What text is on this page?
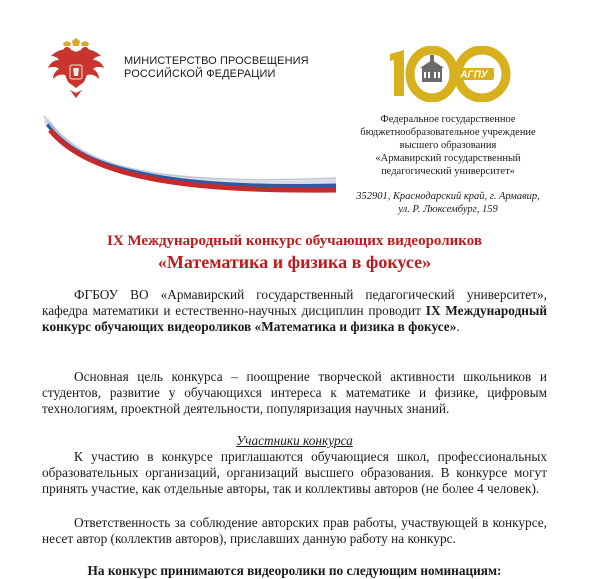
МИНИСТЕРСТВО ПРОСВЕЩЕНИЯ
РОССИЙСКОЙ ФЕДЕРАЦИИ	АГПУ
Федеральное государственное
бюджетнообразовательное учреждение
высшего образования
«Армавирский государственный
педагогический университет»
352901, Краснодарский край, г. Армавир,
ул. Р. Люксембург, 159
IX Международный конкурс обучающих видеороликов
«Математика и физика в фокусе»
ФГБОУ ВО «Армавирский государственный педагогический университет», кафедра математики и естественно-научных дисциплин проводит IX Международный конкурс обучающих видеороликов «Математика и физика в фокусе».
Основная цель конкурса – поощрение творческой активности школьников и студентов, развитие у обучающихся интереса к математике и физике, цифровым технологиям, проектной деятельности, популяризация научных знаний.
Участники конкурса
К участию в конкурсе приглашаются обучающиеся школ, профессиональных образовательных организаций, организаций высшего образования. В конкурсе могут принять участие, как отдельные авторы, так и коллективы авторов (не более 4 человек).
Ответственность за соблюдение авторских прав работы, участвующей в конкурсе, несет автор (коллектив авторов), приславших данную работу на конкурс.
На конкурс принимаются видеоролики по следующим номинациям:
